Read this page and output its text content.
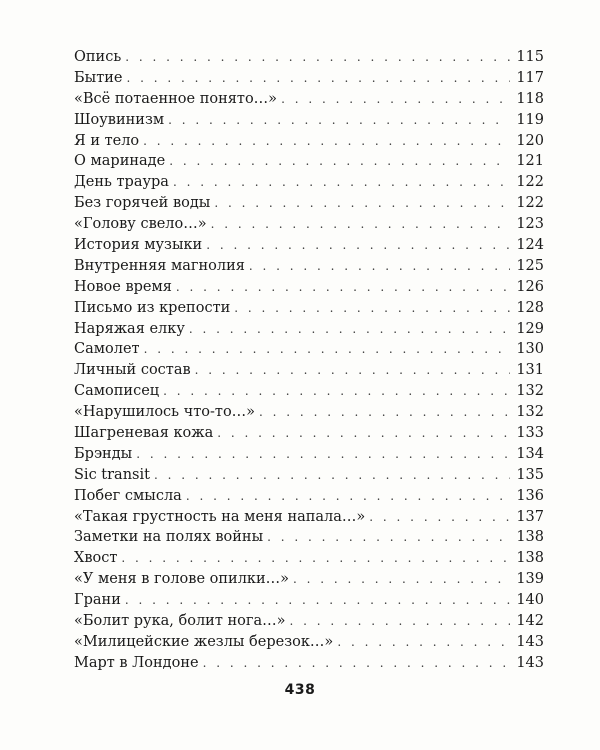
Опись . . .	115
Бытие . . .	117
«Всё потаенное понято…» . . .	118
Шоувинизм . . .	119
Я и тело . . .	120
О маринаде . . .	121
День траура . . .	122
Без горячей воды . . .	122
«Голову свело…» . . .	123
История музыки . . .	124
Внутренняя магнолия . . .	125
Новое время . . .	126
Письмо из крепости . . .	128
Наряжая елку . . .	129
Самолет . . .	130
Личный состав . . .	131
Самописец . . .	132
«Нарушилось что-то…» . . .	132
Шагреневая кожа . . .	133
Брэнды . . .	134
Sic transit . . .	135
Побег смысла . . .	136
«Такая грустность на меня напала…» . . .	137
Заметки на полях войны . . .	138
Хвост . . .	138
«У меня в голове опилки…» . . .	139
Грани . . .	140
«Болит рука, болит нога…» . . .	142
«Милицейские жезлы березок…» . . .	143
Март в Лондоне . . .	143
438
